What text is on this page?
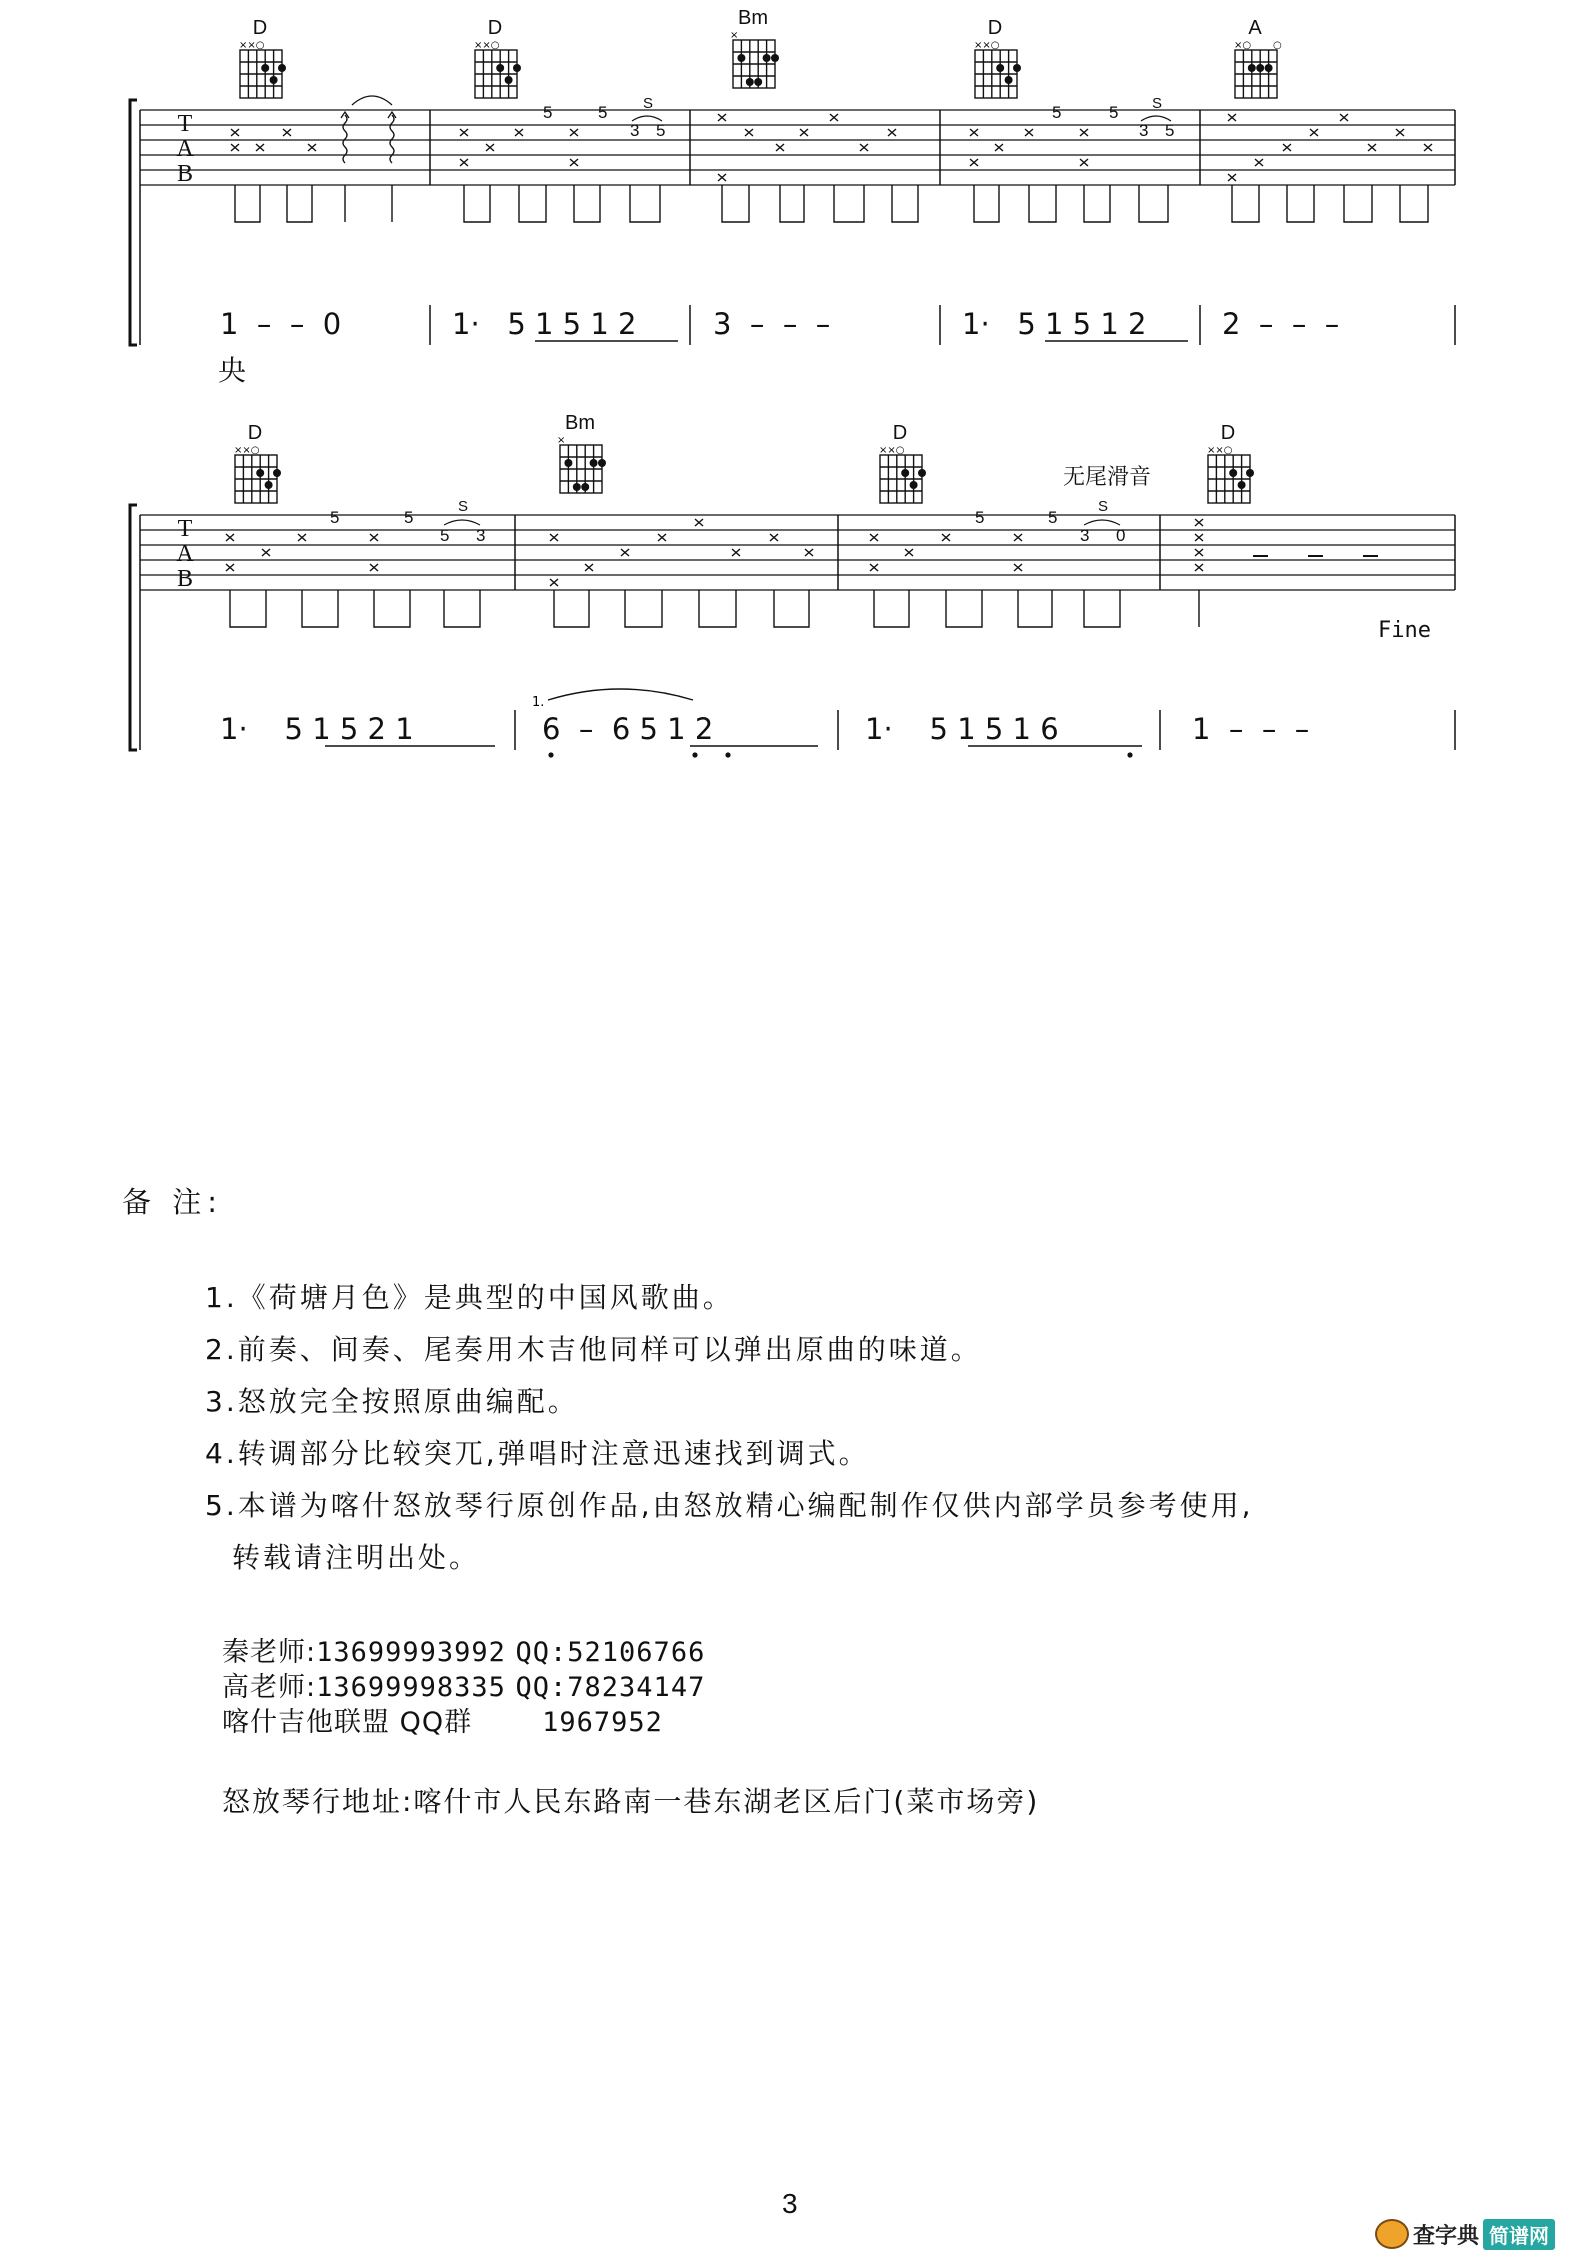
T
A
B
D
××○
D
××○
Bm
×	D
××○
A
×○ ○
5	5
3 5
5	5
3 5
S	S
1  –  –  0	1·   5 1 5 1 2	3  –  –  –	1·   5 1 5 1 2	2  –  –  –
央
T
A
B
D
××○
Bm
×	D
××○
D
××○
无尾滑音
5	5
5 3
5	5
3 0
S	S
Fine
1·    5 1 5 2 1	6  –  6 5 1 2	1·    5 1 5 1 6	1  –  –  –
1.
备 注:
1.《荷塘月色》是典型的中国风歌曲。
2.前奏、间奏、尾奏用木吉他同样可以弹出原曲的味道。
3.怒放完全按照原曲编配。
4.转调部分比较突兀,弹唱时注意迅速找到调式。
5.本谱为喀什怒放琴行原创作品,由怒放精心编配制作仅供内部学员参考使用,
转载请注明出处。
秦老师:13699993992 QQ:52106766
高老师:13699998335 QQ:78234147
喀什吉他联盟 QQ群	1967952
怒放琴行地址:喀什市人民东路南一巷东湖老区后门(菜市场旁)
3
查字典 简谱网
